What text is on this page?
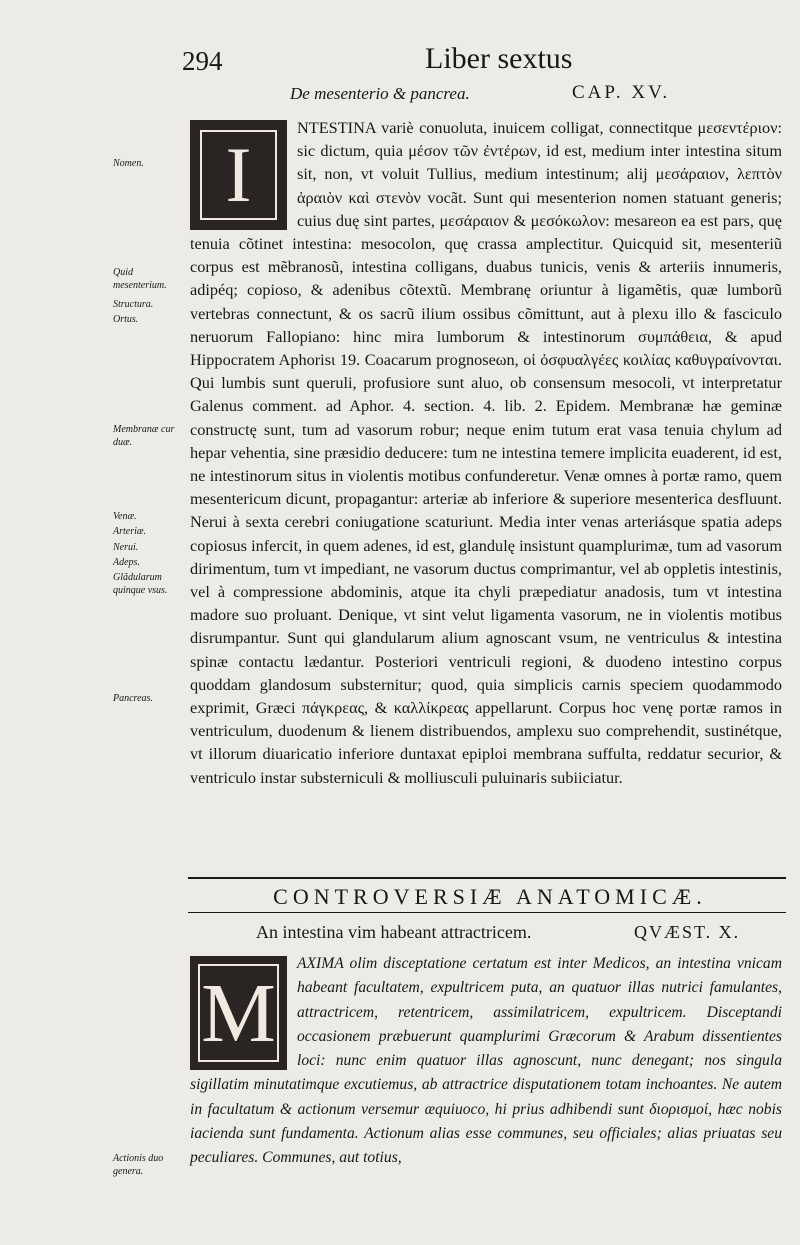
294	Liber sextus
De mesenterio & pancrea.	CAP. XV.
Nomen.
Quid mesenterium.
Structura.
Ortus.
Membranæ cur duæ.
Venæ.
Arteriæ.
Nerui.
Adeps.
Glãdularum quinque vsus.
Pancreas.
Actionis duo genera.

I
NTESTINA variè conuoluta, inuicem colligat, connectitque μεσεντέριον: sic dictum, quia μέσον τῶν ἐντέρων, id est, medium inter intestina situm sit, non, vt voluit Tullius, medium intestinum; alij μεσάραιον, λεπτὸν ἀραιὸν καὶ στενὸν vocãt. Sunt qui mesenterion nomen statuant generis; cuius duę sint partes, μεσάραιον & μεσόκωλον: mesareon ea est pars, quę tenuia cõtinet intestina: mesocolon, quę crassa amplectitur. Quicquid sit, mesenteriũ corpus est mẽbranosũ, intestina colligans, duabus tunicis, venis & arteriis innumeris, adipéq; copioso, & adenibus cõtextũ. Membranę oriuntur à ligamẽtis, quæ lumborũ vertebras connectunt, & os sacrũ ilium ossibus cõmittunt, aut à plexu illo & fasciculo neruorum Fallopiano: hinc mira lumborum & intestinorum συμπάθεια, & apud Hippocratem Aphorisι 19. Coacarum prognoseωn, οἱ ὀσφυαλγέες κοιλίας καθυγραίνονται. Qui lumbis sunt queruli, profusiore sunt aluo, ob consensum mesocoli, vt interpretatur Galenus comment. ad Aphor. 4. section. 4. lib. 2. Epidem. Membranæ hæ geminæ constructę sunt, tum ad vasorum robur; neque enim tutum erat vasa tenuia chylum ad hepar vehentia, sine præsidio deducere: tum ne intestina temere implicita euaderent, id est, ne intestinorum situs in violentis motibus confunderetur. Venæ omnes à portæ ramo, quem mesentericum dicunt, propagantur: arteriæ ab inferiore & superiore mesenterica desfluunt. Nerui à sexta cerebri coniugatione scaturiunt. Media inter venas arteriásque spatia adeps copiosus infercit, in quem adenes, id est, glandulę insistunt quamplurimæ, tum ad vasorum dirimentum, tum vt impediant, ne vasorum ductus comprimantur, vel ab oppletis intestinis, vel à compressione abdominis, atque ita chyli præpediatur anadosis, tum vt intestina madore suo proluant. Denique, vt sint velut ligamenta vasorum, ne in violentis motibus disrumpantur. Sunt qui glandularum alium agnoscant vsum, ne ventriculus & intestina spinæ contactu lædantur. Posteriori ventriculi regioni, & duodeno intestino corpus quoddam glandosum substernitur; quod, quia simplicis carnis speciem quodammodo exprimit, Græci πάγκρεας, & καλλίκρεας appellarunt. Corpus hoc venę portæ ramos in ventriculum, duodenum & lienem distribuendos, amplexu suo comprehendit, sustinétque, vt illorum diuaricatio inferiore duntaxat epiploi membrana suffulta, reddatur securior, & ventriculo instar substerniculi & molliusculi puluinaris subiiciatur.

CONTROVERSIÆ ANATOMICÆ.
An intestina vim habeant attractricem.	QVÆST. X.

M
AXIMA olim disceptatione certatum est inter Medicos, an intestina vnicam habeant facultatem, expultricem puta, an quatuor illas nutrici famulantes, attractricem, retentricem, assimilatricem, expultricem. Disceptandi occasionem præbuerunt quamplurimi Græcorum & Arabum dissentientes loci: nunc enim quatuor illas agnoscunt, nunc denegant; nos singula sigillatim minutatimque excutiemus, ab attractrice disputationem totam inchoantes. Ne autem in facultatum & actionum versemur æquiuoco, hi prius adhibendi sunt διορισμοί, hæc nobis iacienda sunt fundamenta. Actionum alias esse communes, seu officiales; alias priuatas seu peculiares. Communes, aut totius,
